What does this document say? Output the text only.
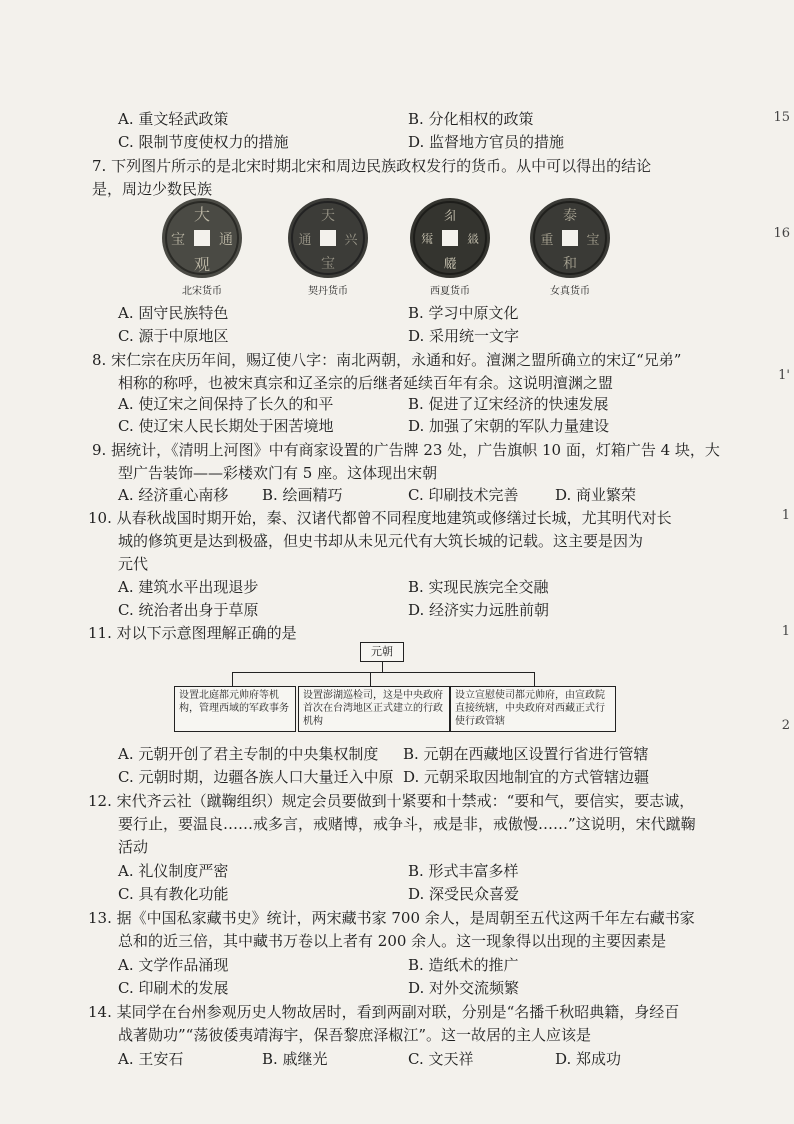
A. 重文轻武政策	B. 分化相权的政策
C. 限制节度使权力的措施	D. 监督地方官员的措施
7. 下列图片所示的是北宋时期北宋和周边民族政权发行的货币。从中可以得出的结论
是，周边少数民族
大
通
观
宝
北宋货币
天
兴
宝
通
契丹货币
𗼃
𗤻
𗆧
𗋕
西夏货币
泰
宝
和
重
女真货币
A. 固守民族特色	B. 学习中原文化
C. 源于中原地区	D. 采用统一文字
8. 宋仁宗在庆历年间，赐辽使八字：南北两朝，永通和好。澶渊之盟所确立的宋辽“兄弟”
相称的称呼，也被宋真宗和辽圣宗的后继者延续百年有余。这说明澶渊之盟
A. 使辽宋之间保持了长久的和平	B. 促进了辽宋经济的快速发展
C. 使辽宋人民长期处于困苦境地	D. 加强了宋朝的军队力量建设
9. 据统计，《清明上河图》中有商家设置的广告牌 23 处，广告旗帜 10 面，灯箱广告 4 块，大
型广告装饰——彩楼欢门有 5 座。这体现出宋朝
A. 经济重心南移 B. 绘画精巧	C. 印刷技术完善 D. 商业繁荣
10. 从春秋战国时期开始，秦、汉诸代都曾不同程度地建筑或修缮过长城，尤其明代对长
城的修筑更是达到极盛，但史书却从未见元代有大筑长城的记载。这主要是因为
元代
A. 建筑水平出现退步	B. 实现民族完全交融
C. 统治者出身于草原	D. 经济实力远胜前朝
11. 对以下示意图理解正确的是
元朝
设置北庭都元帅府等机构，管理西域的军政事务
设置澎湖巡检司，这是中央政府首次在台湾地区正式建立的行政机构
设立宣慰使司都元帅府，由宣政院直接统辖，中央政府对西藏正式行使行政管辖
A. 元朝开创了君主专制的中央集权制度 B. 元朝在西藏地区设置行省进行管辖
C. 元朝时期，边疆各族人口大量迁入中原 D. 元朝采取因地制宜的方式管辖边疆
12. 宋代齐云社（蹴鞠组织）规定会员要做到十紧要和十禁戒：“要和气，要信实，要志诚，
要行止，要温良……戒多言，戒赌博，戒争斗，戒是非，戒傲慢……”这说明，宋代蹴鞠
活动
A. 礼仪制度严密	B. 形式丰富多样
C. 具有教化功能	D. 深受民众喜爱
13. 据《中国私家藏书史》统计，两宋藏书家 700 余人，是周朝至五代这两千年左右藏书家
总和的近三倍，其中藏书万卷以上者有 200 余人。这一现象得以出现的主要因素是
A. 文学作品涌现	B. 造纸术的推广
C. 印刷术的发展	D. 对外交流频繁
14. 某同学在台州参观历史人物故居时，看到两副对联，分别是“名播千秋昭典籍，身经百
战著勋功”“荡彼倭夷靖海宇，保吾黎庶泽椒江”。这一故居的主人应该是
A. 王安石	B. 戚继光	C. 文天祥	D. 郑成功
15
16
1'
1
1
2
